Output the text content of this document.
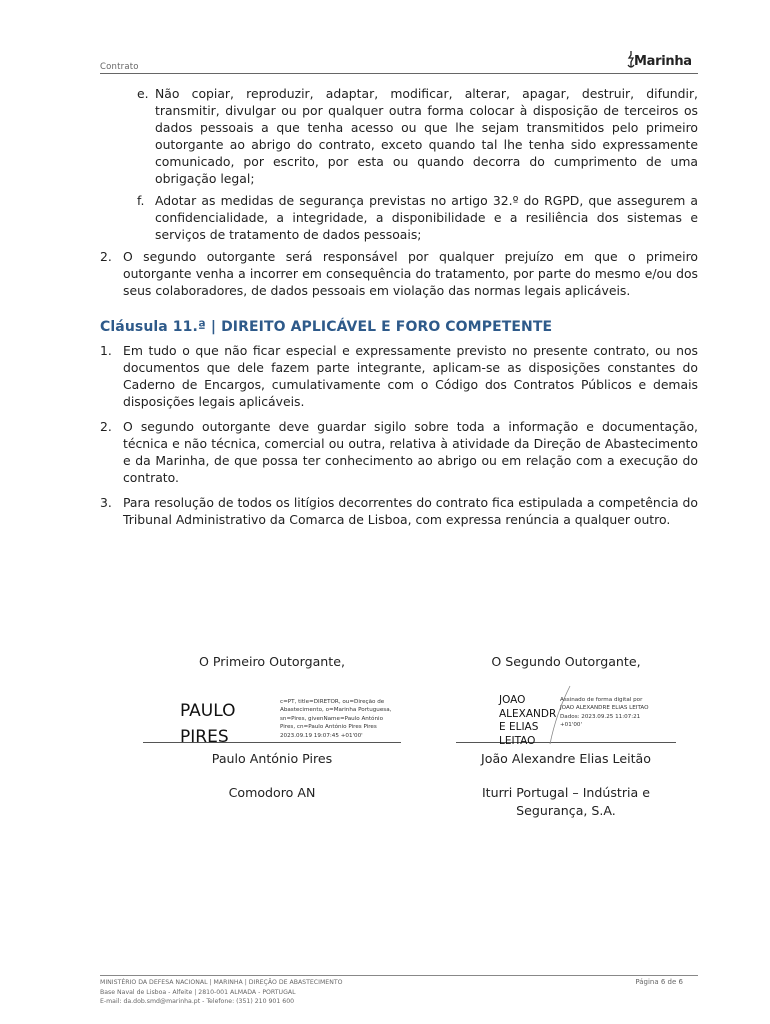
Contrato	Marinha
e. Não copiar, reproduzir, adaptar, modificar, alterar, apagar, destruir, difundir, transmitir, divulgar ou por qualquer outra forma colocar à disposição de terceiros os dados pessoais a que tenha acesso ou que lhe sejam transmitidos pelo primeiro outorgante ao abrigo do contrato, exceto quando tal lhe tenha sido expressamente comunicado, por escrito, por esta ou quando decorra do cumprimento de uma obrigação legal;
f. Adotar as medidas de segurança previstas no artigo 32.º do RGPD, que assegurem a confidencialidade, a integridade, a disponibilidade e a resiliência dos sistemas e serviços de tratamento de dados pessoais;
2. O segundo outorgante será responsável por qualquer prejuízo em que o primeiro outorgante venha a incorrer em consequência do tratamento, por parte do mesmo e/ou dos seus colaboradores, de dados pessoais em violação das normas legais aplicáveis.
Cláusula 11.ª | DIREITO APLICÁVEL E FORO COMPETENTE
1. Em tudo o que não ficar especial e expressamente previsto no presente contrato, ou nos documentos que dele fazem parte integrante, aplicam-se as disposições constantes do Caderno de Encargos, cumulativamente com o Código dos Contratos Públicos e demais disposições legais aplicáveis.
2. O segundo outorgante deve guardar sigilo sobre toda a informação e documentação, técnica e não técnica, comercial ou outra, relativa à atividade da Direção de Abastecimento e da Marinha, de que possa ter conhecimento ao abrigo ou em relação com a execução do contrato.
3. Para resolução de todos os litígios decorrentes do contrato fica estipulada a competência do Tribunal Administrativo da Comarca de Lisboa, com expressa renúncia a qualquer outro.
O Primeiro Outorgante,
PAULO
PIRES
c=PT, title=DIRETOR, ou=Direção de Abastecimento, o=Marinha Portuguesa, sn=Pires, givenName=Paulo António Pires, cn=Paulo António Pires Pires 2023.09.19 19:07:45 +01'00'
Paulo António Pires
Comodoro AN
O Segundo Outorgante,
JOAO
ALEXANDR
E ELIAS
LEITAO
Assinado de forma digital por JOAO ALEXANDRE ELIAS LEITAO Dados: 2023.09.25 11:07:21 +01'00'
João Alexandre Elias Leitão
Iturri Portugal – Indústria e
Segurança, S.A.
MINISTÉRIO DA DEFESA NACIONAL | MARINHA | DIREÇÃO DE ABASTECIMENTO
Base Naval de Lisboa - Alfeite | 2810-001 ALMADA - PORTUGAL
E-mail: da.dob.smd@marinha.pt - Telefone: (351) 210 901 600
Página 6 de 6
